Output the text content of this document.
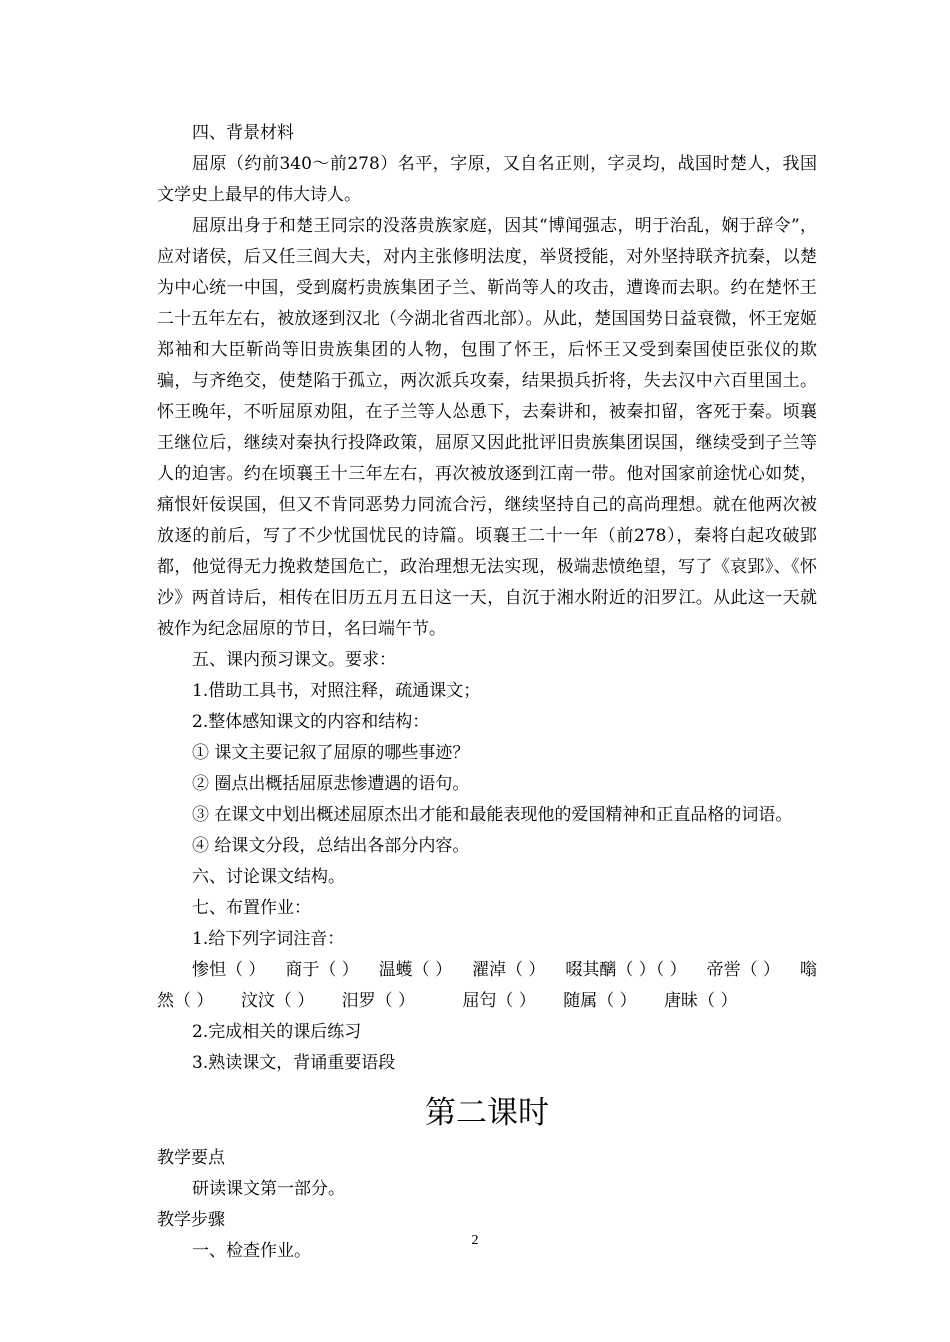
四、背景材料

屈原（约前340～前278）名平，字原，又自名正则，字灵均，战国时楚人，我国文学史上最早的伟大诗人。

屈原出身于和楚王同宗的没落贵族家庭，因其“博闻强志，明于治乱，娴于辞令”，应对诸侯，后又任三闾大夫，对内主张修明法度，举贤授能，对外坚持联齐抗秦，以楚为中心统一中国，受到腐朽贵族集团子兰、靳尚等人的攻击，遭谗而去职。约在楚怀王二十五年左右，被放逐到汉北（今湖北省西北部）。从此，楚国国势日益衰微，怀王宠姬郑袖和大臣靳尚等旧贵族集团的人物，包围了怀王，后怀王又受到秦国使臣张仪的欺骗，与齐绝交，使楚陷于孤立，两次派兵攻秦，结果损兵折将，失去汉中六百里国土。怀王晚年，不听屈原劝阻，在子兰等人怂恿下，去秦讲和，被秦扣留，客死于秦。顷襄王继位后，继续对秦执行投降政策，屈原又因此批评旧贵族集团误国，继续受到子兰等人的迫害。约在顷襄王十三年左右，再次被放逐到江南一带。他对国家前途忧心如焚，痛恨奸佞误国，但又不肯同恶势力同流合污，继续坚持自己的高尚理想。就在他两次被放逐的前后，写了不少忧国忧民的诗篇。顷襄王二十一年（前278），秦将白起攻破郢都，他觉得无力挽救楚国危亡，政治理想无法实现，极端悲愤绝望，写了《哀郢》、《怀沙》两首诗后，相传在旧历五月五日这一天，自沉于湘水附近的汨罗江。从此这一天就被作为纪念屈原的节日，名曰端午节。

五、课内预习课文。要求：

1.借助工具书，对照注释，疏通课文；

2.整体感知课文的内容和结构：

① 课文主要记叙了屈原的哪些事迹？

② 圈点出概括屈原悲惨遭遇的语句。

③ 在课文中划出概述屈原杰出才能和最能表现他的爱国精神和正直品格的词语。

④ 给课文分段，总结出各部分内容。

六、讨论课文结构。

七、布置作业：

1.给下列字词注音：

惨怛（ ） 商于（ ） 温蠖（ ） 濯淖（ ） 啜其醨（ ）（ ） 帝喾（ ） 嗡
然（ ） 汶汶（ ） 汨罗（ ）	屈匄（ ） 随属（ ） 唐昧（ ）

2.完成相关的课后练习

3.熟读课文，背诵重要语段

第二课时

教学要点

研读课文第一部分。

教学步骤

一、检查作业。

2
